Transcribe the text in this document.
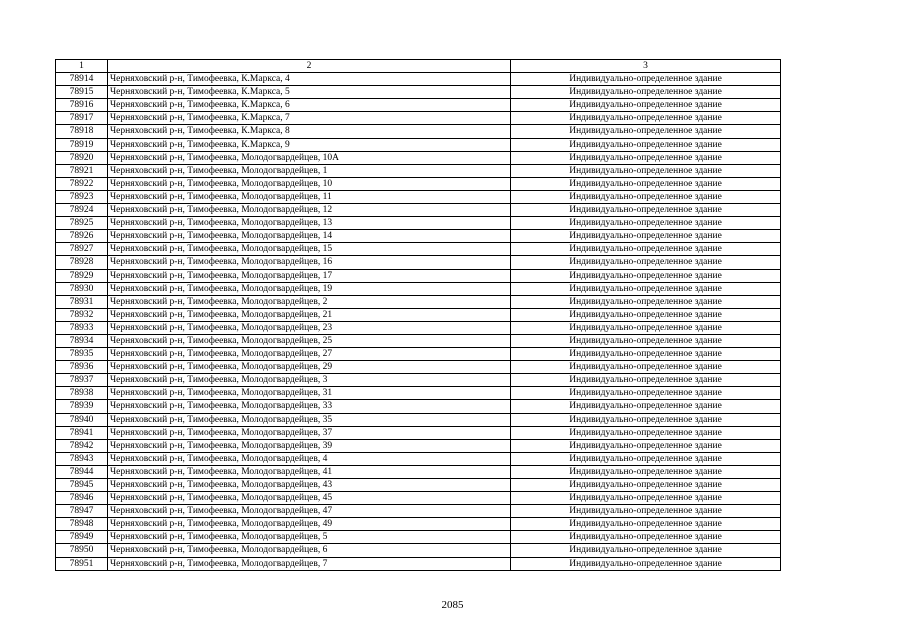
1	2	3
78914	Черняховский р-н, Тимофеевка, К.Маркса, 4	Индивидуально-определенное здание
78915	Черняховский р-н, Тимофеевка, К.Маркса, 5	Индивидуально-определенное здание
78916	Черняховский р-н, Тимофеевка, К.Маркса, 6	Индивидуально-определенное здание
78917	Черняховский р-н, Тимофеевка, К.Маркса, 7	Индивидуально-определенное здание
78918	Черняховский р-н, Тимофеевка, К.Маркса, 8	Индивидуально-определенное здание
78919	Черняховский р-н, Тимофеевка, К.Маркса, 9	Индивидуально-определенное здание
78920	Черняховский р-н, Тимофеевка, Молодогвардейцев, 10А	Индивидуально-определенное здание
78921	Черняховский р-н, Тимофеевка, Молодогвардейцев, 1	Индивидуально-определенное здание
78922	Черняховский р-н, Тимофеевка, Молодогвардейцев, 10	Индивидуально-определенное здание
78923	Черняховский р-н, Тимофеевка, Молодогвардейцев, 11	Индивидуально-определенное здание
78924	Черняховский р-н, Тимофеевка, Молодогвардейцев, 12	Индивидуально-определенное здание
78925	Черняховский р-н, Тимофеевка, Молодогвардейцев, 13	Индивидуально-определенное здание
78926	Черняховский р-н, Тимофеевка, Молодогвардейцев, 14	Индивидуально-определенное здание
78927	Черняховский р-н, Тимофеевка, Молодогвардейцев, 15	Индивидуально-определенное здание
78928	Черняховский р-н, Тимофеевка, Молодогвардейцев, 16	Индивидуально-определенное здание
78929	Черняховский р-н, Тимофеевка, Молодогвардейцев, 17	Индивидуально-определенное здание
78930	Черняховский р-н, Тимофеевка, Молодогвардейцев, 19	Индивидуально-определенное здание
78931	Черняховский р-н, Тимофеевка, Молодогвардейцев, 2	Индивидуально-определенное здание
78932	Черняховский р-н, Тимофеевка, Молодогвардейцев, 21	Индивидуально-определенное здание
78933	Черняховский р-н, Тимофеевка, Молодогвардейцев, 23	Индивидуально-определенное здание
78934	Черняховский р-н, Тимофеевка, Молодогвардейцев, 25	Индивидуально-определенное здание
78935	Черняховский р-н, Тимофеевка, Молодогвардейцев, 27	Индивидуально-определенное здание
78936	Черняховский р-н, Тимофеевка, Молодогвардейцев, 29	Индивидуально-определенное здание
78937	Черняховский р-н, Тимофеевка, Молодогвардейцев, 3	Индивидуально-определенное здание
78938	Черняховский р-н, Тимофеевка, Молодогвардейцев, 31	Индивидуально-определенное здание
78939	Черняховский р-н, Тимофеевка, Молодогвардейцев, 33	Индивидуально-определенное здание
78940	Черняховский р-н, Тимофеевка, Молодогвардейцев, 35	Индивидуально-определенное здание
78941	Черняховский р-н, Тимофеевка, Молодогвардейцев, 37	Индивидуально-определенное здание
78942	Черняховский р-н, Тимофеевка, Молодогвардейцев, 39	Индивидуально-определенное здание
78943	Черняховский р-н, Тимофеевка, Молодогвардейцев, 4	Индивидуально-определенное здание
78944	Черняховский р-н, Тимофеевка, Молодогвардейцев, 41	Индивидуально-определенное здание
78945	Черняховский р-н, Тимофеевка, Молодогвардейцев, 43	Индивидуально-определенное здание
78946	Черняховский р-н, Тимофеевка, Молодогвардейцев, 45	Индивидуально-определенное здание
78947	Черняховский р-н, Тимофеевка, Молодогвардейцев, 47	Индивидуально-определенное здание
78948	Черняховский р-н, Тимофеевка, Молодогвардейцев, 49	Индивидуально-определенное здание
78949	Черняховский р-н, Тимофеевка, Молодогвардейцев, 5	Индивидуально-определенное здание
78950	Черняховский р-н, Тимофеевка, Молодогвардейцев, 6	Индивидуально-определенное здание
78951	Черняховский р-н, Тимофеевка, Молодогвардейцев, 7	Индивидуально-определенное здание
2085
